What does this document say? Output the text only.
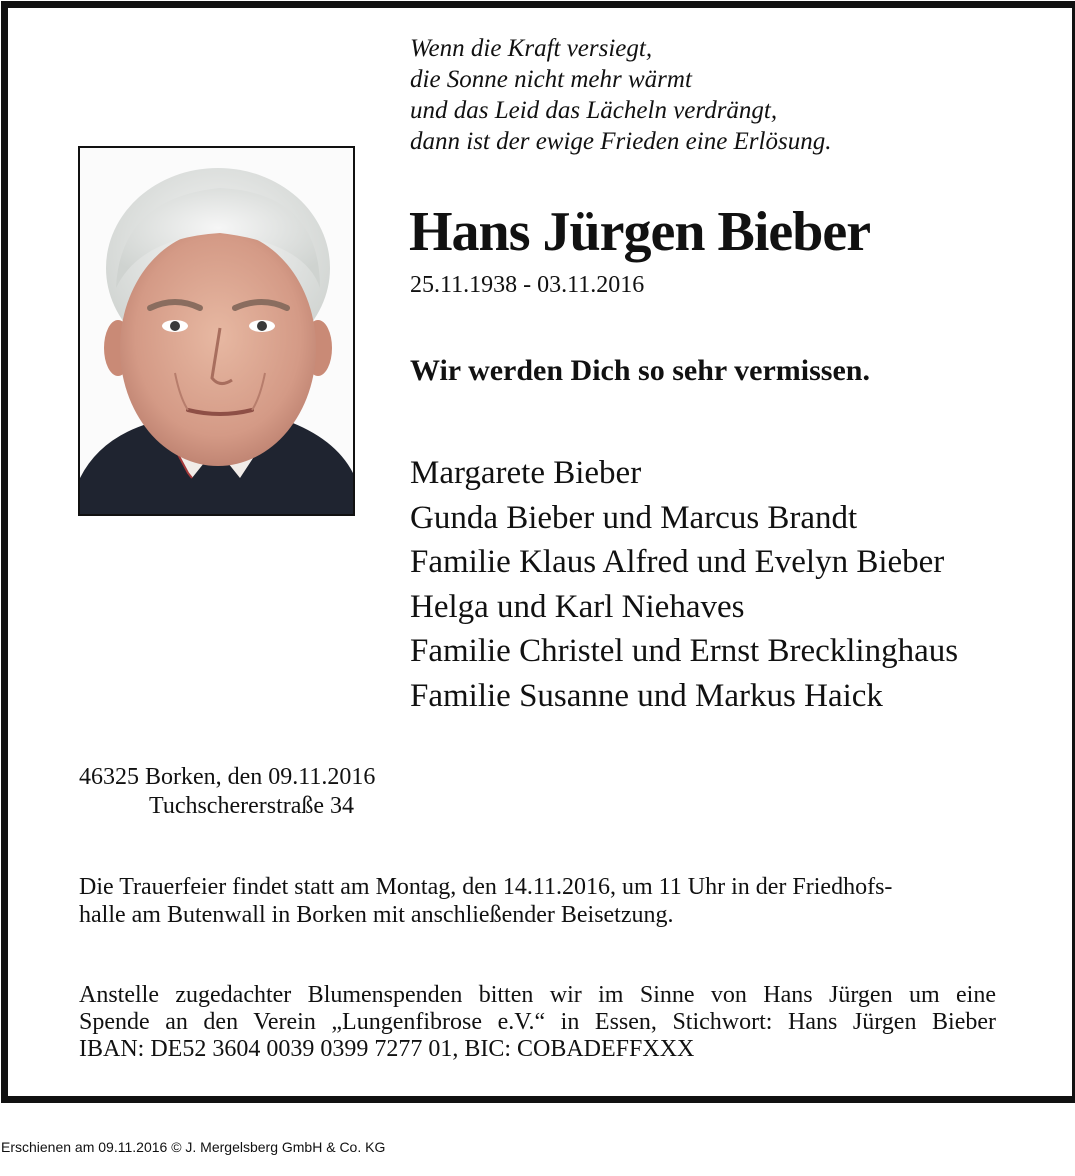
Wenn die Kraft versiegt,
die Sonne nicht mehr wärmt
und das Leid das Lächeln verdrängt,
dann ist der ewige Frieden eine Erlösung.
Hans Jürgen Bieber
25.11.1938 - 03.11.2016
Wir werden Dich so sehr vermissen.
Margarete Bieber
Gunda Bieber und Marcus Brandt
Familie Klaus Alfred und Evelyn Bieber
Helga und Karl Niehaves
Familie Christel und Ernst Brecklinghaus
Familie Susanne und Markus Haick
46325 Borken, den 09.11.2016
Tuchschererstraße 34
Die Trauerfeier findet statt am Montag, den 14.11.2016, um 11 Uhr in der Friedhofs-
halle am Butenwall in Borken mit anschließender Beisetzung.
Anstelle zugedachter Blumenspenden bitten wir im Sinne von Hans Jürgen um eine
Spende an den Verein „Lungenfibrose e.V.“ in Essen, Stichwort: Hans Jürgen Bieber
IBAN: DE52 3604 0039 0399 7277 01, BIC: COBADEFFXXX
Erschienen am 09.11.2016 © J. Mergelsberg GmbH & Co. KG
